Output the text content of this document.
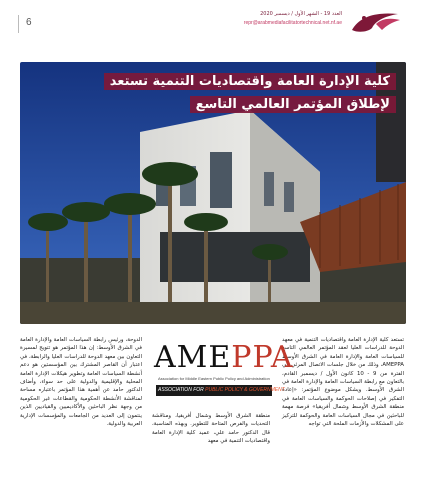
6
العدد 19 - الشهر الأول / ديسمبر 2020
repr@arabmediafacilitatortechnical.net.nf.ae
كلية الإدارة العامة واقتصاديات التنمية تستعد
لإطلاق المؤتمر العالمي التاسع
تستعد كلية الإدارة العامة واقتصاديات التنمية في معهد الدوحة للدراسات العليا لعقد المؤتمر العالمي التاسع للسياسات العامة والإدارة العامة في الشرق الأوسط AMEPPA، وذلك من خلال جلسات الاتصال المرئي في الفترة من 9 - 10 كانون الأول / ديسمبر القادم، بالتعاون مع رابطة السياسات العامة والإدارة العامة في الشرق الأوسط. ويشكل موضوع المؤتمر: «إعادة التفكير في إصلاحات الحوكمة والسياسات العامة في منطقة الشرق الأوسط وشمال أفريقيا» فرصة مهمة للباحثين في مجال السياسات العامة والحوكمة للتركيز على المشكلات والأزمات الملحة التي تواجه
AMEPPA
Association for Middle Eastern Public Policy and Administration
ASSOCIATION FOR PUBLIC POLICY & GOVERNMENT
منطقة الشرق الأوسط وشمال أفريقيا، ومناقشة التحديات والفرص المتاحة للتطوير. وبهذه المناسبة، قال الدكتور حامد علي، عميد كلية الإدارة العامة واقتصاديات التنمية في معهد
الدوحة، ورئيس رابطة السياسات العامة والإدارة العامة في الشرق الأوسط: إن هذا المؤتمر هو تتويج لمسيرة التعاون بين معهد الدوحة للدراسات العليا والرابطة، في اعتبار أن القاصر المشترك بين المؤسستين هو دعم أنشطة السياسات العامة وتطوير هيكلات الإدارة العامة المحلية والإقليمية والدولية على حد سواء، وأضاف الدكتور حامد عن أهمية هذا المؤتمر باعتباره مساحة لمناقشة الأنشطة الحكومية والقطاعات غير الحكومية من وجهة نظر الباحثين والأكاديميين والقياديين الذين ينتمون إلى العديد من الجامعات والمؤسسات الإدارية العربية والدولية.
